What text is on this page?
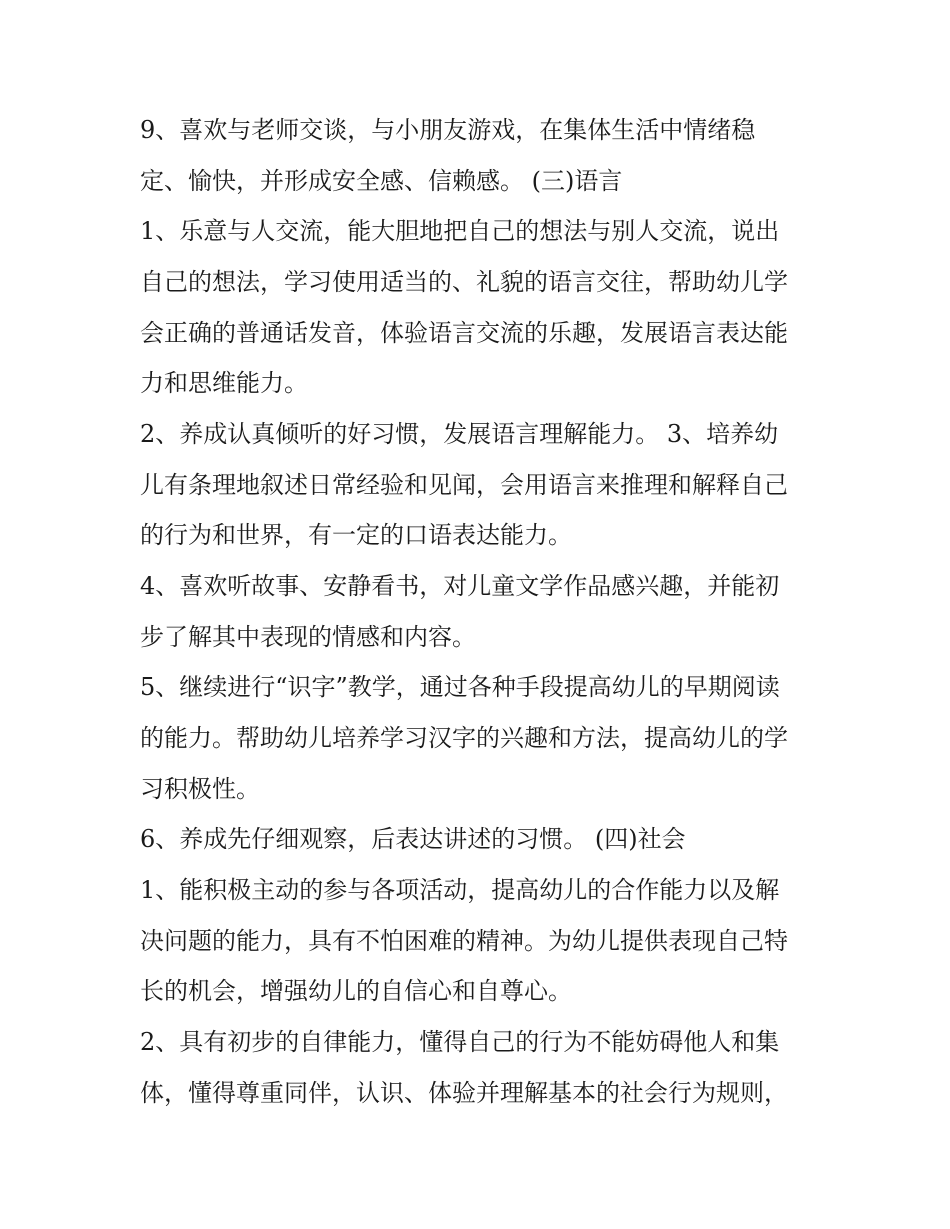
9、喜欢与老师交谈，与小朋友游戏，在集体生活中情绪稳

定、愉快，并形成安全感、信赖感。 (三)语言

1、乐意与人交流，能大胆地把自己的想法与别人交流，说出

自己的想法，学习使用适当的、礼貌的语言交往，帮助幼儿学

会正确的普通话发音，体验语言交流的乐趣，发展语言表达能

力和思维能力。

2、养成认真倾听的好习惯，发展语言理解能力。 3、培养幼

儿有条理地叙述日常经验和见闻，会用语言来推理和解释自己

的行为和世界，有一定的口语表达能力。

4、喜欢听故事、安静看书，对儿童文学作品感兴趣，并能初

步了解其中表现的情感和内容。

5、继续进行“识字”教学，通过各种手段提高幼儿的早期阅读

的能力。帮助幼儿培养学习汉字的兴趣和方法，提高幼儿的学

习积极性。

6、养成先仔细观察，后表达讲述的习惯。 (四)社会

1、能积极主动的参与各项活动，提高幼儿的合作能力以及解

决问题的能力，具有不怕困难的精神。为幼儿提供表现自己特

长的机会，增强幼儿的自信心和自尊心。

2、具有初步的自律能力，懂得自己的行为不能妨碍他人和集

体，懂得尊重同伴，认识、体验并理解基本的社会行为规则，
